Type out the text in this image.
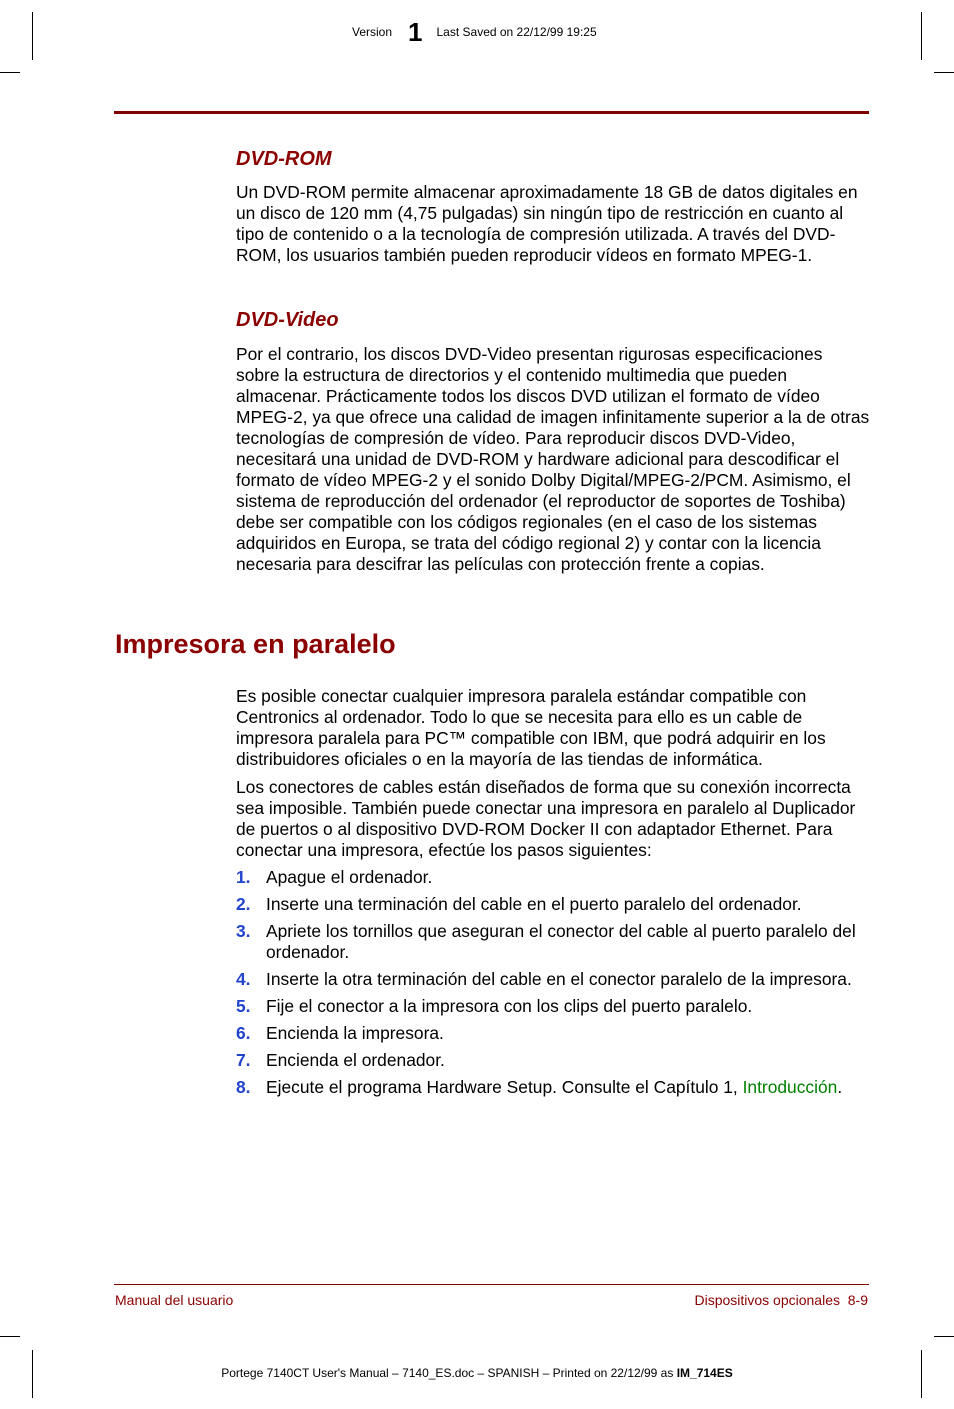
Version 1 Last Saved on 22/12/99 19:25

DVD-ROM

Un DVD-ROM permite almacenar aproximadamente 18 GB de datos digitales en un disco de 120 mm (4,75 pulgadas) sin ningún tipo de restricción en cuanto al tipo de contenido o a la tecnología de compresión utilizada. A través del DVD-ROM, los usuarios también pueden reproducir vídeos en formato MPEG-1.

DVD-Video

Por el contrario, los discos DVD-Video presentan rigurosas especificaciones sobre la estructura de directorios y el contenido multimedia que pueden almacenar. Prácticamente todos los discos DVD utilizan el formato de vídeo MPEG-2, ya que ofrece una calidad de imagen infinitamente superior a la de otras tecnologías de compresión de vídeo. Para reproducir discos DVD-Video, necesitará una unidad de DVD-ROM y hardware adicional para descodificar el formato de vídeo MPEG-2 y el sonido Dolby Digital/MPEG-2/PCM. Asimismo, el sistema de reproducción del ordenador (el reproductor de soportes de Toshiba) debe ser compatible con los códigos regionales (en el caso de los sistemas adquiridos en Europa, se trata del código regional 2) y contar con la licencia necesaria para descifrar las películas con protección frente a copias.

Impresora en paralelo

Es posible conectar cualquier impresora paralela estándar compatible con Centronics al ordenador. Todo lo que se necesita para ello es un cable de impresora paralela para PC™ compatible con IBM, que podrá adquirir en los distribuidores oficiales o en la mayoría de las tiendas de informática.

Los conectores de cables están diseñados de forma que su conexión incorrecta sea imposible. También puede conectar una impresora en paralelo al Duplicador de puertos o al dispositivo DVD-ROM Docker II con adaptador Ethernet. Para conectar una impresora, efectúe los pasos siguientes:

1. Apague el ordenador.
2. Inserte una terminación del cable en el puerto paralelo del ordenador.
3. Apriete los tornillos que aseguran el conector del cable al puerto paralelo del ordenador.
4. Inserte la otra terminación del cable en el conector paralelo de la impresora.
5. Fije el conector a la impresora con los clips del puerto paralelo.
6. Encienda la impresora.
7. Encienda el ordenador.
8. Ejecute el programa Hardware Setup. Consulte el Capítulo 1, Introducción.
Manual del usuario	Dispositivos opcionales  8-9
Portege 7140CT User's Manual – 7140_ES.doc – SPANISH – Printed on 22/12/99 as IM_714ES
